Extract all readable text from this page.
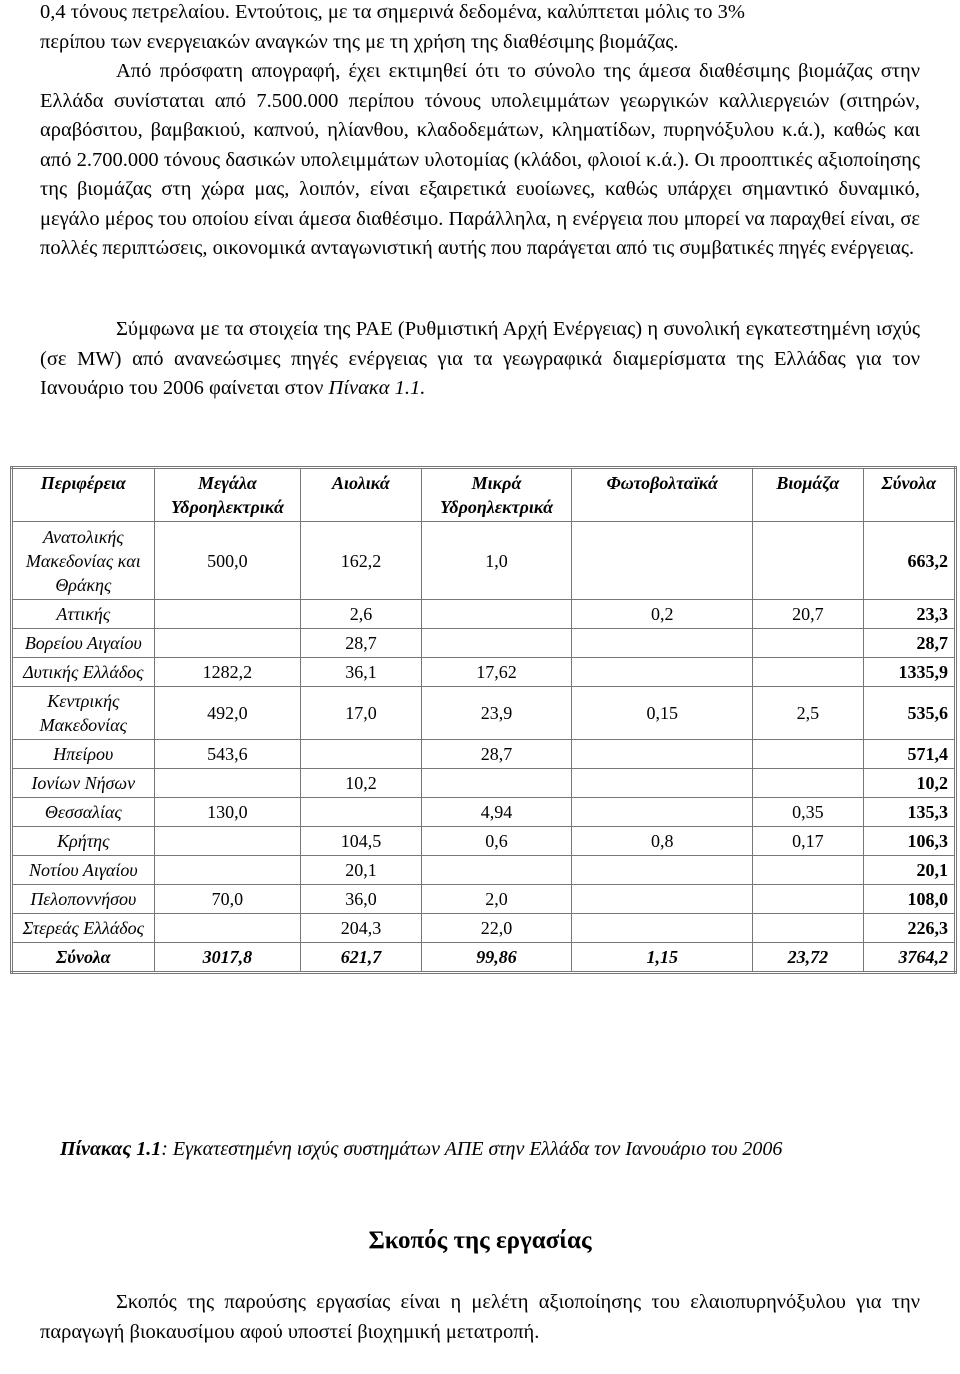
0,4 τόνους πετρελαίου. Εντούτοις, με τα σημερινά δεδομένα, καλύπτεται μόλις το 3%
περίπου των ενεργειακών αναγκών της με τη χρήση της διαθέσιμης βιομάζας.
Από πρόσφατη απογραφή, έχει εκτιμηθεί ότι το σύνολο της άμεσα διαθέσιμης βιομάζας στην Ελλάδα συνίσταται από 7.500.000 περίπου τόνους υπολειμμάτων γεωργικών καλλιεργειών (σιτηρών, αραβόσιτου, βαμβακιού, καπνού, ηλίανθου, κλαδοδεμάτων, κληματίδων, πυρηνόξυλου κ.ά.), καθώς και από 2.700.000 τόνους δασικών υπολειμμάτων υλοτομίας (κλάδοι, φλοιοί κ.ά.). Οι προοπτικές αξιοποίησης της βιομάζας στη χώρα μας, λοιπόν, είναι εξαιρετικά ευοίωνες, καθώς υπάρχει σημαντικό δυναμικό, μεγάλο μέρος του οποίου είναι άμεσα διαθέσιμο. Παράλληλα, η ενέργεια που μπορεί να παραχθεί είναι, σε πολλές περιπτώσεις, οικονομικά ανταγωνιστική αυτής που παράγεται από τις συμβατικές πηγές ενέργειας.

Σύμφωνα με τα στοιχεία της ΡΑΕ (Ρυθμιστική Αρχή Ενέργειας) η συνολική εγκατεστημένη ισχύς (σε MW) από ανανεώσιμες πηγές ενέργειας για τα γεωγραφικά διαμερίσματα της Ελλάδας για τον Ιανουάριο του 2006 φαίνεται στον Πίνακα 1.1.

Περιφέρεια	Μεγάλα Υδροηλεκτρικά	Αιολικά	Μικρά Υδροηλεκτρικά	Φωτοβολταϊκά	Βιομάζα	Σύνολα
Ανατολικής Μακεδονίας και Θράκης	500,0	162,2	1,0			663,2
Αττικής		2,6		0,2	20,7	23,3
Βορείου Αιγαίου		28,7				28,7
Δυτικής Ελλάδος	1282,2	36,1	17,62			1335,9
Κεντρικής Μακεδονίας	492,0	17,0	23,9	0,15	2,5	535,6
Ηπείρου	543,6		28,7			571,4
Ιονίων Νήσων		10,2				10,2
Θεσσαλίας	130,0		4,94		0,35	135,3
Κρήτης		104,5	0,6	0,8	0,17	106,3
Νοτίου Αιγαίου		20,1				20,1
Πελοποννήσου	70,0	36,0	2,0			108,0
Στερεάς Ελλάδος		204,3	22,0			226,3
Σύνολα	3017,8	621,7	99,86	1,15	23,72	3764,2
Πίνακας 1.1: Εγκατεστημένη ισχύς συστημάτων ΑΠΕ στην Ελλάδα τον Ιανουάριο του 2006
Σκοπός της εργασίας

Σκοπός της παρούσης εργασίας είναι η μελέτη αξιοποίησης του ελαιοπυρηνόξυλου για την παραγωγή βιοκαυσίμου αφού υποστεί βιοχημική μετατροπή.
